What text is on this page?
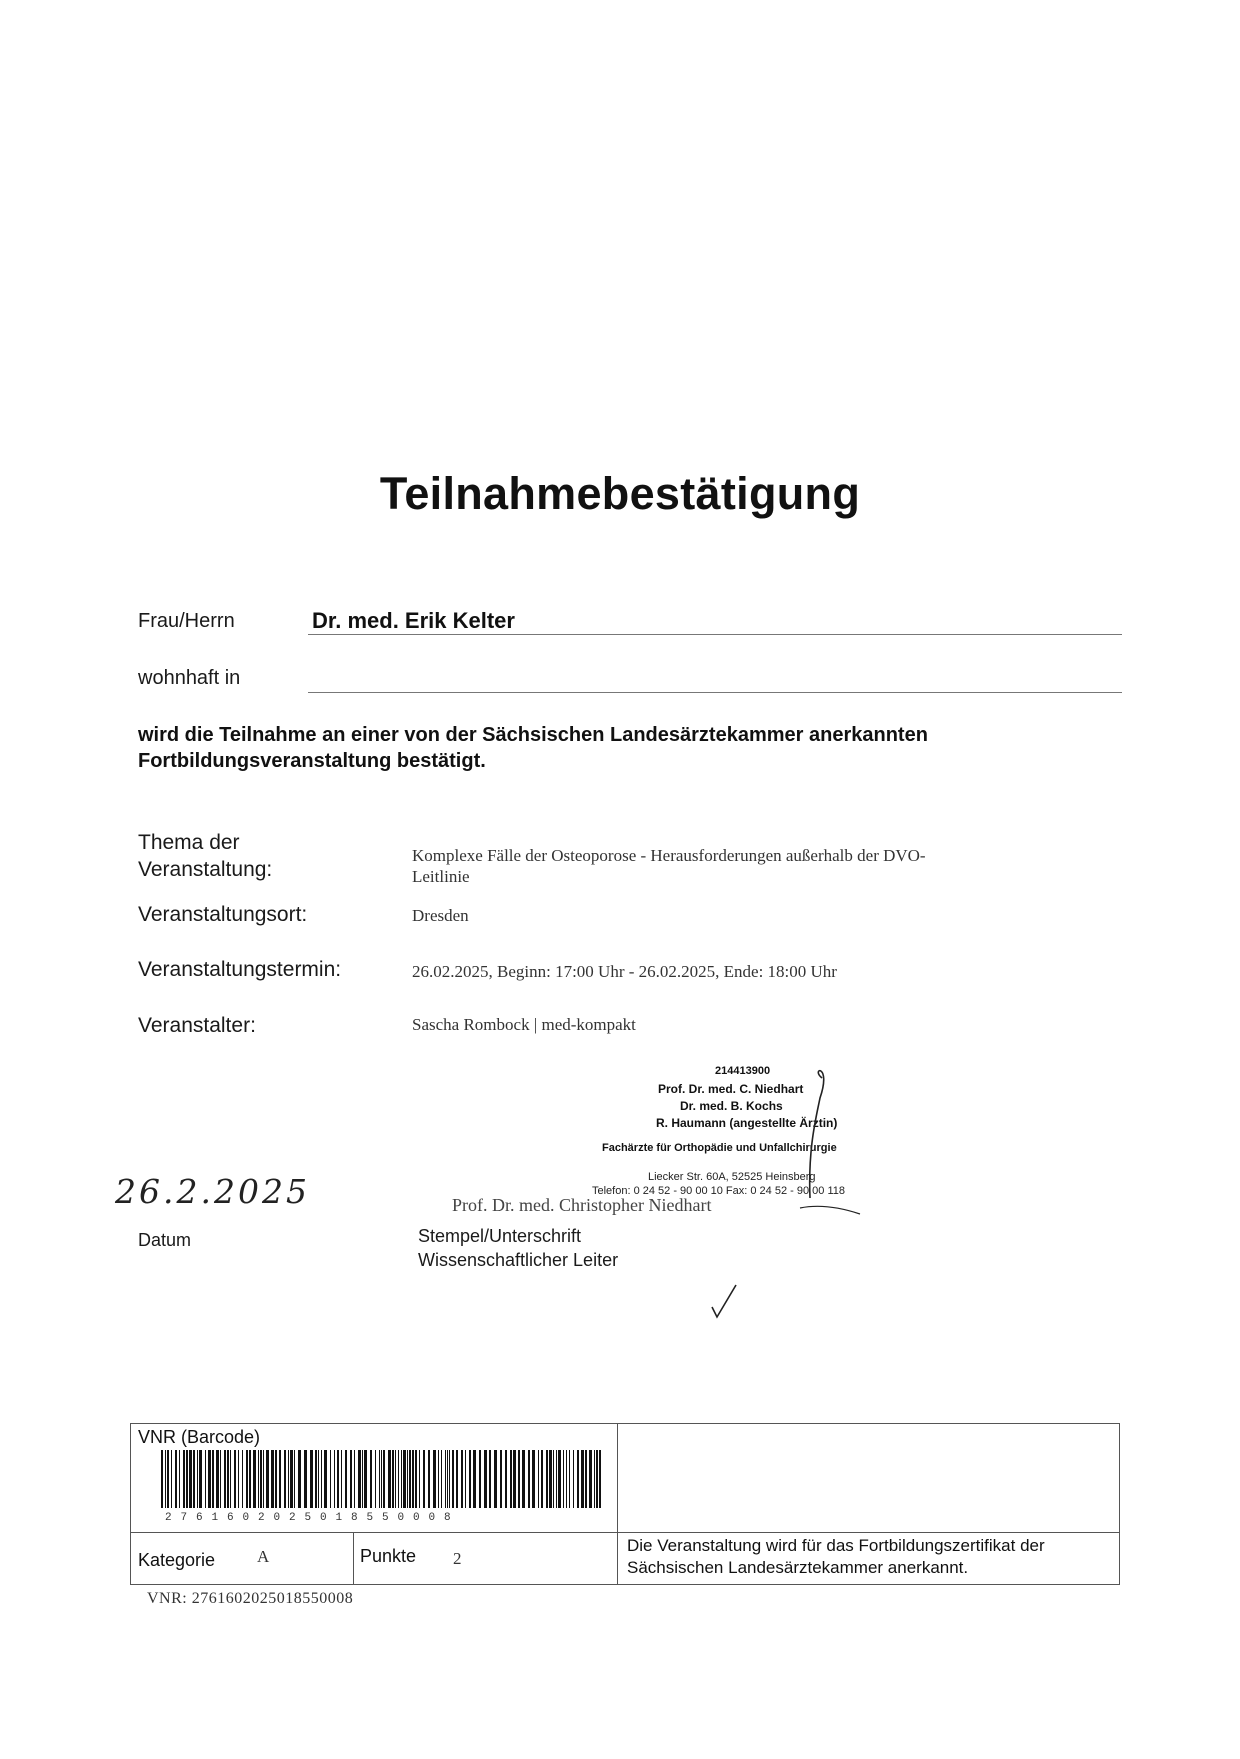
Teilnahmebestätigung
Frau/Herrn	Dr. med. Erik Kelter
wohnhaft in
wird die Teilnahme an einer von der Sächsischen Landesärztekammer anerkannten
Fortbildungsveranstaltung bestätigt.
Thema der
Veranstaltung:
Komplexe Fälle der Osteoporose - Herausforderungen außerhalb der DVO-
Leitlinie
Veranstaltungsort:	Dresden
Veranstaltungstermin:	26.02.2025, Beginn: 17:00 Uhr - 26.02.2025, Ende: 18:00 Uhr
Veranstalter:	Sascha Rombock | med-kompakt
214413900
Prof. Dr. med. C. Niedhart
Dr. med. B. Kochs
R. Haumann (angestellte Ärztin)
Fachärzte für Orthopädie und Unfallchirurgie
Liecker Str. 60A, 52525 Heinsberg
Telefon: 0 24 52 - 90 00 10 Fax: 0 24 52 - 90 00 118
26.2.2025	Prof. Dr. med. Christopher Niedhart
Datum	Stempel/Unterschrift
Wissenschaftlicher Leiter
VNR (Barcode)
2761602025018550008
Kategorie A	Punkte 2
Die Veranstaltung wird für das Fortbildungszertifikat der
Sächsischen Landesärztekammer anerkannt.
VNR: 2761602025018550008
